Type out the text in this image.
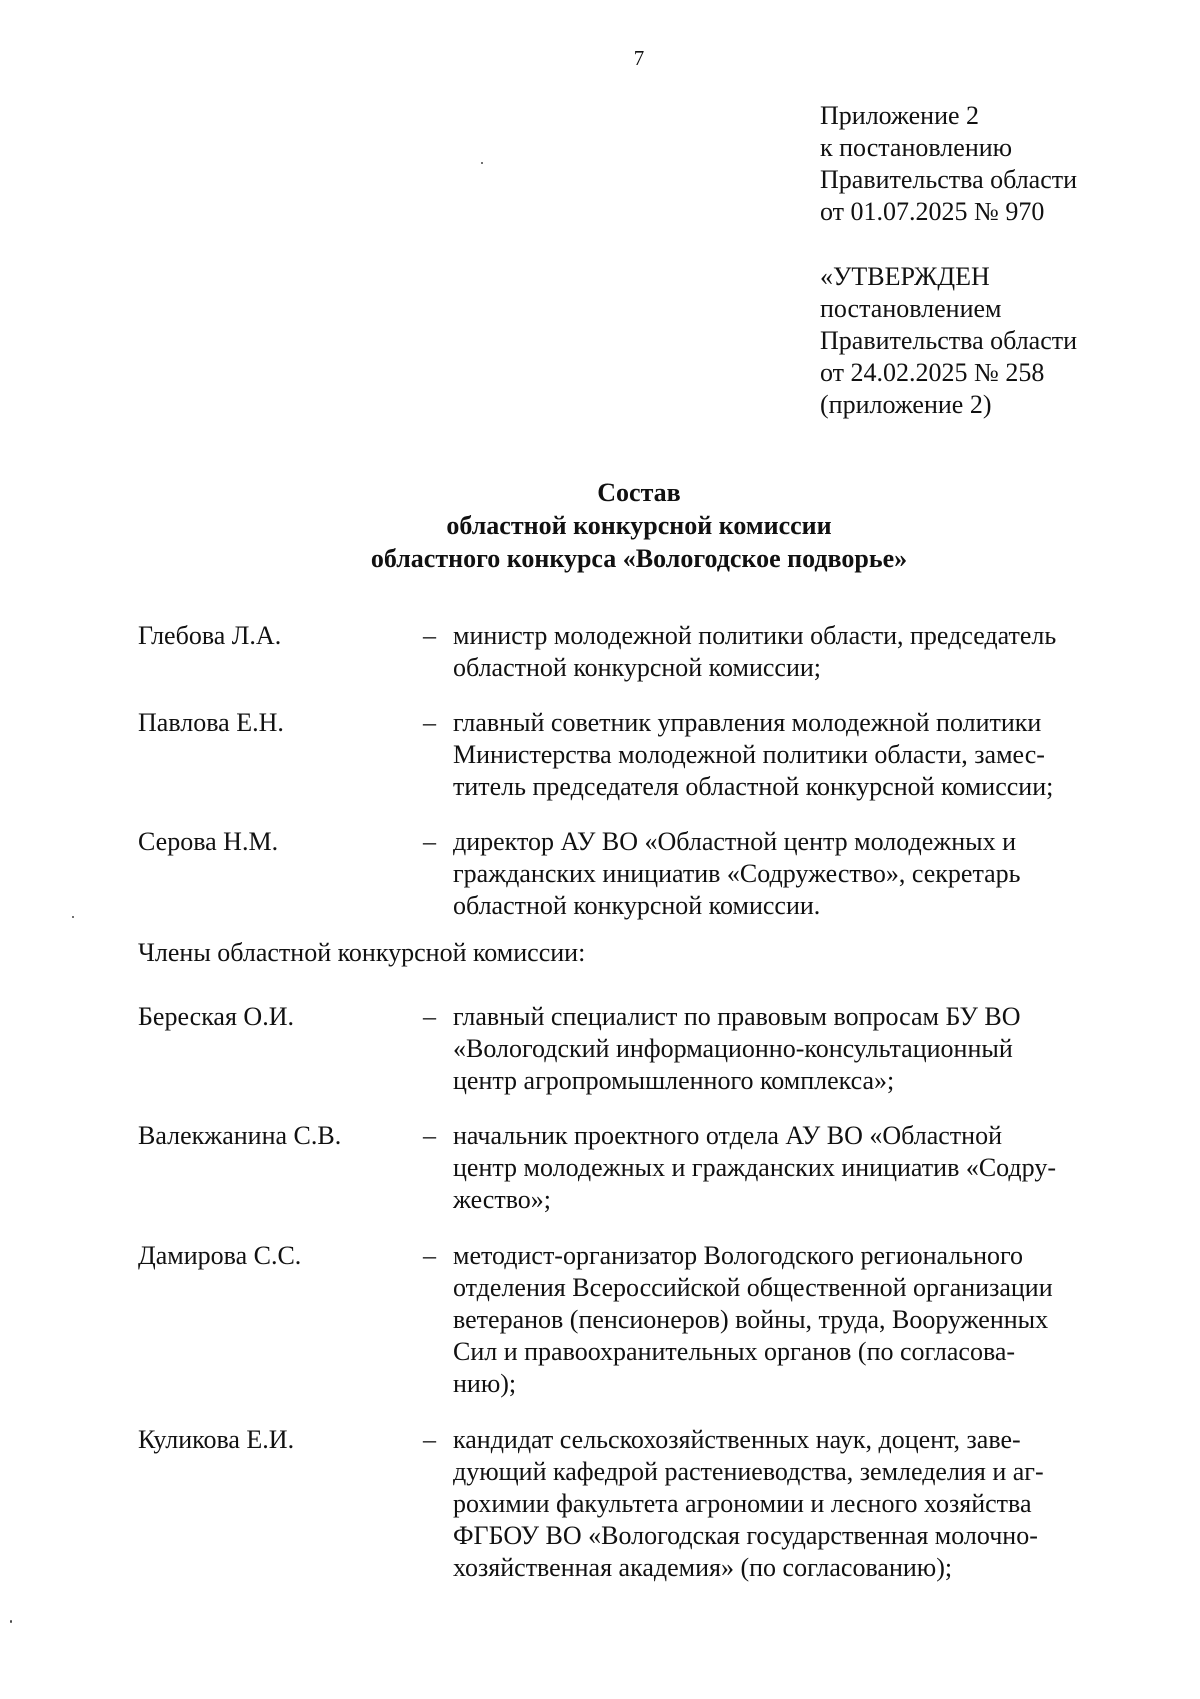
7
Приложение 2
к постановлению
Правительства области
от 01.07.2025 № 970
«УТВЕРЖДЕН
постановлением
Правительства области
от 24.02.2025 № 258
(приложение 2)
Состав
областной конкурсной комиссии
областного конкурса «Вологодское подворье»
Глебова Л.А.	– министр молодежной политики области, председатель
областной конкурсной комиссии;
Павлова Е.Н.	– главный советник управления молодежной политики
Министерства молодежной политики области, замес-
титель председателя областной конкурсной комиссии;
Серова Н.М.	– директор АУ ВО «Областной центр молодежных и
гражданских инициатив «Содружество», секретарь
областной конкурсной комиссии.
Члены областной конкурсной комиссии:
Береская О.И.	– главный специалист по правовым вопросам БУ ВО
«Вологодский информационно-консультационный
центр агропромышленного комплекса»;
Валекжанина С.В.	– начальник проектного отдела АУ ВО «Областной
центр молодежных и гражданских инициатив «Содру-
жество»;
Дамирова С.С.	– методист-организатор Вологодского регионального
отделения Всероссийской общественной организации
ветеранов (пенсионеров) войны, труда, Вооруженных
Сил и правоохранительных органов (по согласова-
нию);
Куликова Е.И.	– кандидат сельскохозяйственных наук, доцент, заве-
дующий кафедрой растениеводства, земледелия и аг-
рохимии факультета агрономии и лесного хозяйства
ФГБОУ ВО «Вологодская государственная молочно-
хозяйственная академия» (по согласованию);
